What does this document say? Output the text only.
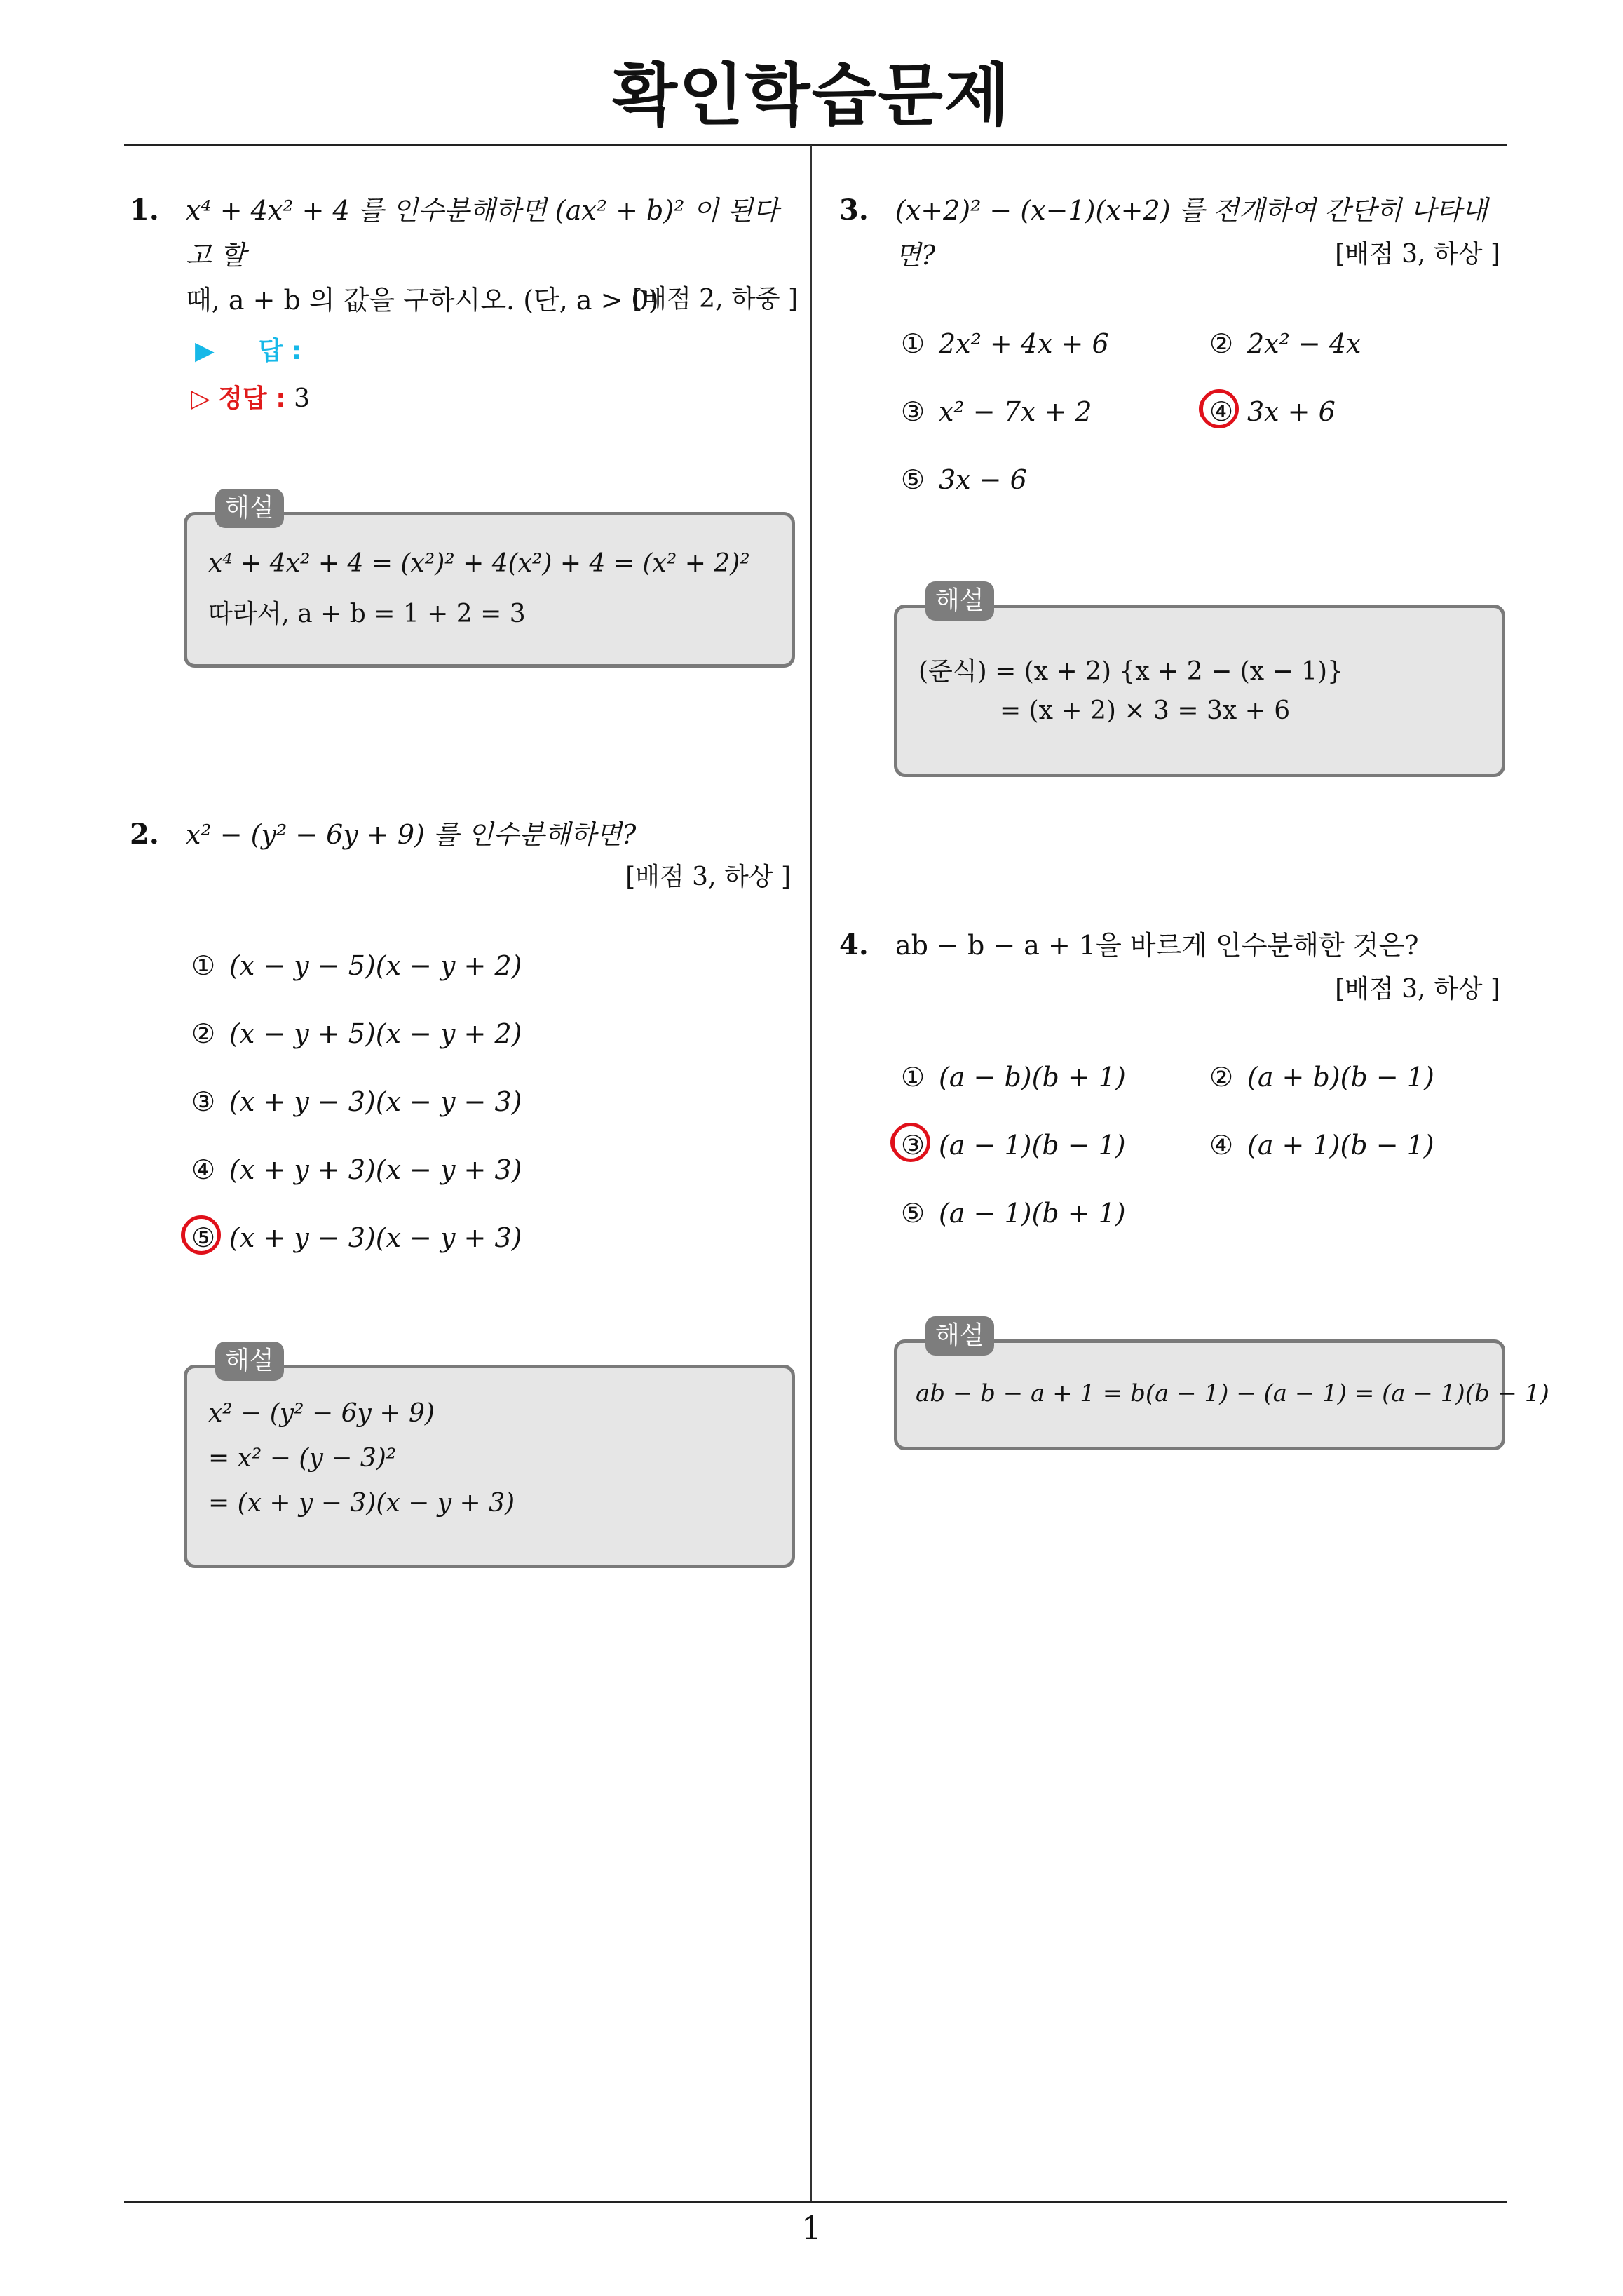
확인학습문제
1
1. x⁴ + 4x² + 4 를 인수분해하면 (ax² + b)² 이 된다고 할
때, a + b 의 값을 구하시오. (단, a > 0)
[배점 2, 하중 ]
▶ 답 :
▷ 정답 : 3
해설
x⁴ + 4x² + 4 = (x²)² + 4(x²) + 4 = (x² + 2)²
따라서, a + b = 1 + 2 = 3
2. x² − (y² − 6y + 9) 를 인수분해하면?
[배점 3, 하상 ]
① (x − y − 5)(x − y + 2)
② (x − y + 5)(x − y + 2)
③ (x + y − 3)(x − y − 3)
④ (x + y + 3)(x − y + 3)
⑤ (x + y − 3)(x − y + 3)
해설
x² − (y² − 6y + 9)
= x² − (y − 3)²
= (x + y − 3)(x − y + 3)
3. (x+2)² − (x−1)(x+2) 를 전개하여 간단히 나타내면?	[배점 3, 하상 ]
① 2x² + 4x + 6	② 2x² − 4x
③ x² − 7x + 2	④ 3x + 6
⑤ 3x − 6
해설
(준식) = (x + 2) {x + 2 − (x − 1)}
= (x + 2) × 3 = 3x + 6
4. ab − b − a + 1을 바르게 인수분해한 것은?
[배점 3, 하상 ]
① (a − b)(b + 1)	② (a + b)(b − 1)
③ (a − 1)(b − 1)	④ (a + 1)(b − 1)
⑤ (a − 1)(b + 1)
해설
ab − b − a + 1 = b(a − 1) − (a − 1) = (a − 1)(b − 1)
